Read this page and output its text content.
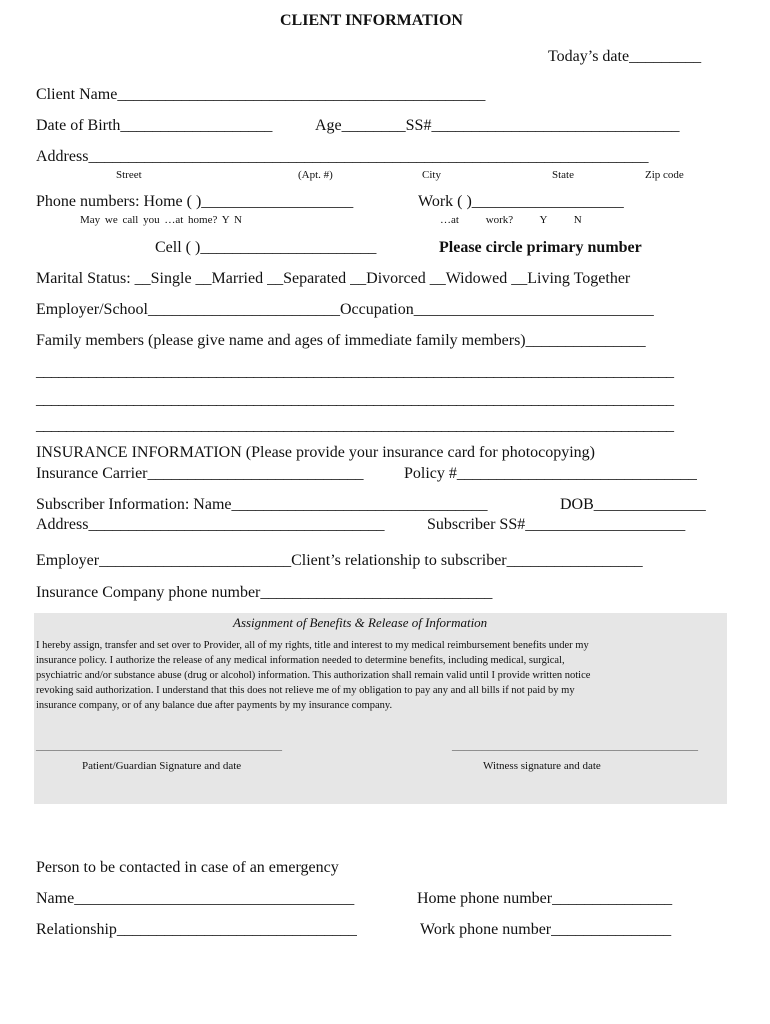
CLIENT INFORMATION
Today’s date_________
Client Name______________________________________________
Date of Birth___________________	Age________SS#_______________________________
Address______________________________________________________________________
Street	(Apt. #)	City	State	Zip code
Phone numbers: Home ( )___________________	Work ( )___________________
May we call you …at home? Y N	…at work? Y N
Cell ( )______________________	Please circle primary number
Marital Status: __Single __Married __Separated __Divorced __Widowed __Living Together
Employer/School________________________Occupation______________________________
Family members (please give name and ages of immediate family members)_______________
_____________________________________________________________________________________
_____________________________________________________________________________________
_____________________________________________________________________________________
INSURANCE INFORMATION (Please provide your insurance card for photocopying)
Insurance Carrier___________________________	Policy #______________________________
Subscriber Information: Name________________________________	DOB______________
Address_____________________________________	Subscriber SS#____________________
Employer________________________Client’s relationship to subscriber_________________
Insurance Company phone number_____________________________
Assignment of Benefits & Release of Information
I hereby assign, transfer and set over to Provider, all of my rights, title and interest to my medical reimbursement benefits under my
insurance policy. I authorize the release of any medical information needed to determine benefits, including medical, surgical,
psychiatric and/or substance abuse (drug or alcohol) information. This authorization shall remain valid until I provide written notice
revoking said authorization. I understand that this does not relieve me of my obligation to pay any and all bills if not paid by my
insurance company, or of any balance due after payments by my insurance company.
_________________________________________	_________________________________________
Patient/Guardian Signature and date	Witness signature and date
Person to be contacted in case of an emergency
Name___________________________________	Home phone number_______________
Relationship______________________________	Work phone number_______________
